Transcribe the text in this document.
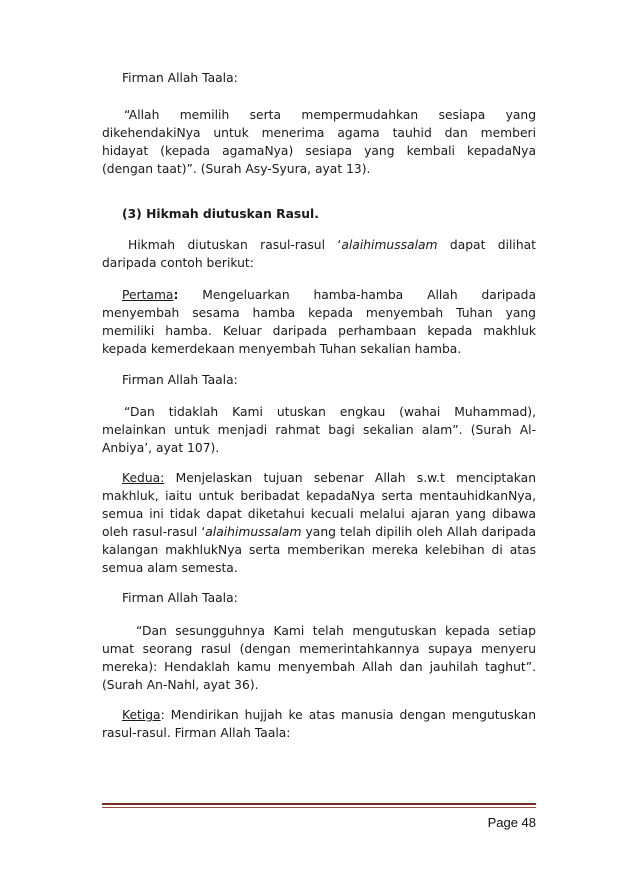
Firman Allah Taala:
“Allah memilih serta mempermudahkan sesiapa yang
dikehendakiNya untuk menerima agama tauhid dan memberi
hidayat (kepada agamaNya) sesiapa yang kembali kepadaNya
(dengan taat)”. (Surah Asy-Syura, ayat 13).
(3) Hikmah diutuskan Rasul.
Hikmah diutuskan rasul-rasul ‘alaihimussalam dapat dilihat
daripada contoh berikut:
Pertama: Mengeluarkan hamba-hamba Allah daripada
menyembah sesama hamba kepada menyembah Tuhan yang
memiliki hamba. Keluar daripada perhambaan kepada makhluk
kepada kemerdekaan menyembah Tuhan sekalian hamba.
Firman Allah Taala:
“Dan tidaklah Kami utuskan engkau (wahai Muhammad),
melainkan untuk menjadi rahmat bagi sekalian alam”. (Surah Al-
Anbiya’, ayat 107).
Kedua: Menjelaskan tujuan sebenar Allah s.w.t menciptakan
makhluk, iaitu untuk beribadat kepadaNya serta mentauhidkanNya,
semua ini tidak dapat diketahui kecuali melalui ajaran yang dibawa
oleh rasul-rasul ‘alaihimussalam yang telah dipilih oleh Allah daripada
kalangan makhlukNya serta memberikan mereka kelebihan di atas
semua alam semesta.
Firman Allah Taala:
“Dan sesungguhnya Kami telah mengutuskan kepada setiap
umat seorang rasul (dengan memerintahkannya supaya menyeru
mereka): Hendaklah kamu menyembah Allah dan jauhilah taghut”.
(Surah An-Nahl, ayat 36).
Ketiga: Mendirikan hujjah ke atas manusia dengan mengutuskan
rasul-rasul. Firman Allah Taala:
Page 48
